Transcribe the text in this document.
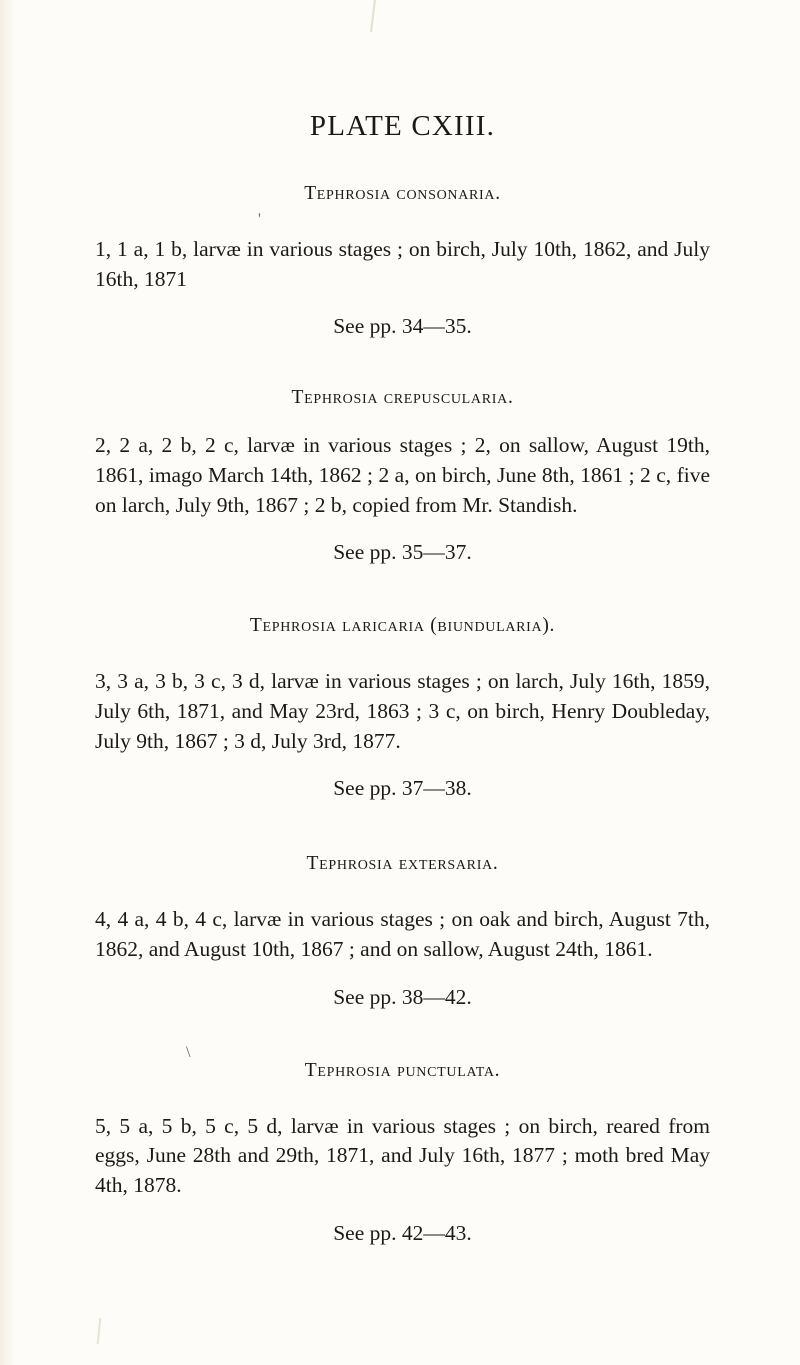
PLATE CXIII.
Tephrosia consonaria.

1, 1 a, 1 b, larvæ in various stages ; on birch, July 10th, 1862, and July 16th, 1871

See pp. 34—35.

Tephrosia crepuscularia.

2, 2 a, 2 b, 2 c, larvæ in various stages ; 2, on sallow, August 19th, 1861, imago March 14th, 1862 ; 2 a, on birch, June 8th, 1861 ; 2 c, five on larch, July 9th, 1867 ; 2 b, copied from Mr. Standish.

See pp. 35—37.

Tephrosia laricaria (biundularia).

3, 3 a, 3 b, 3 c, 3 d, larvæ in various stages ; on larch, July 16th, 1859, July 6th, 1871, and May 23rd, 1863 ; 3 c, on birch, Henry Doubleday, July 9th, 1867 ; 3 d, July 3rd, 1877.

See pp. 37—38.

Tephrosia extersaria.

4, 4 a, 4 b, 4 c, larvæ in various stages ; on oak and birch, August 7th, 1862, and August 10th, 1867 ; and on sallow, August 24th, 1861.

See pp. 38—42.

Tephrosia punctulata.

5, 5 a, 5 b, 5 c, 5 d, larvæ in various stages ; on birch, reared from eggs, June 28th and 29th, 1871, and July 16th, 1877 ; moth bred May 4th, 1878.

See pp. 42—43.

'
\
